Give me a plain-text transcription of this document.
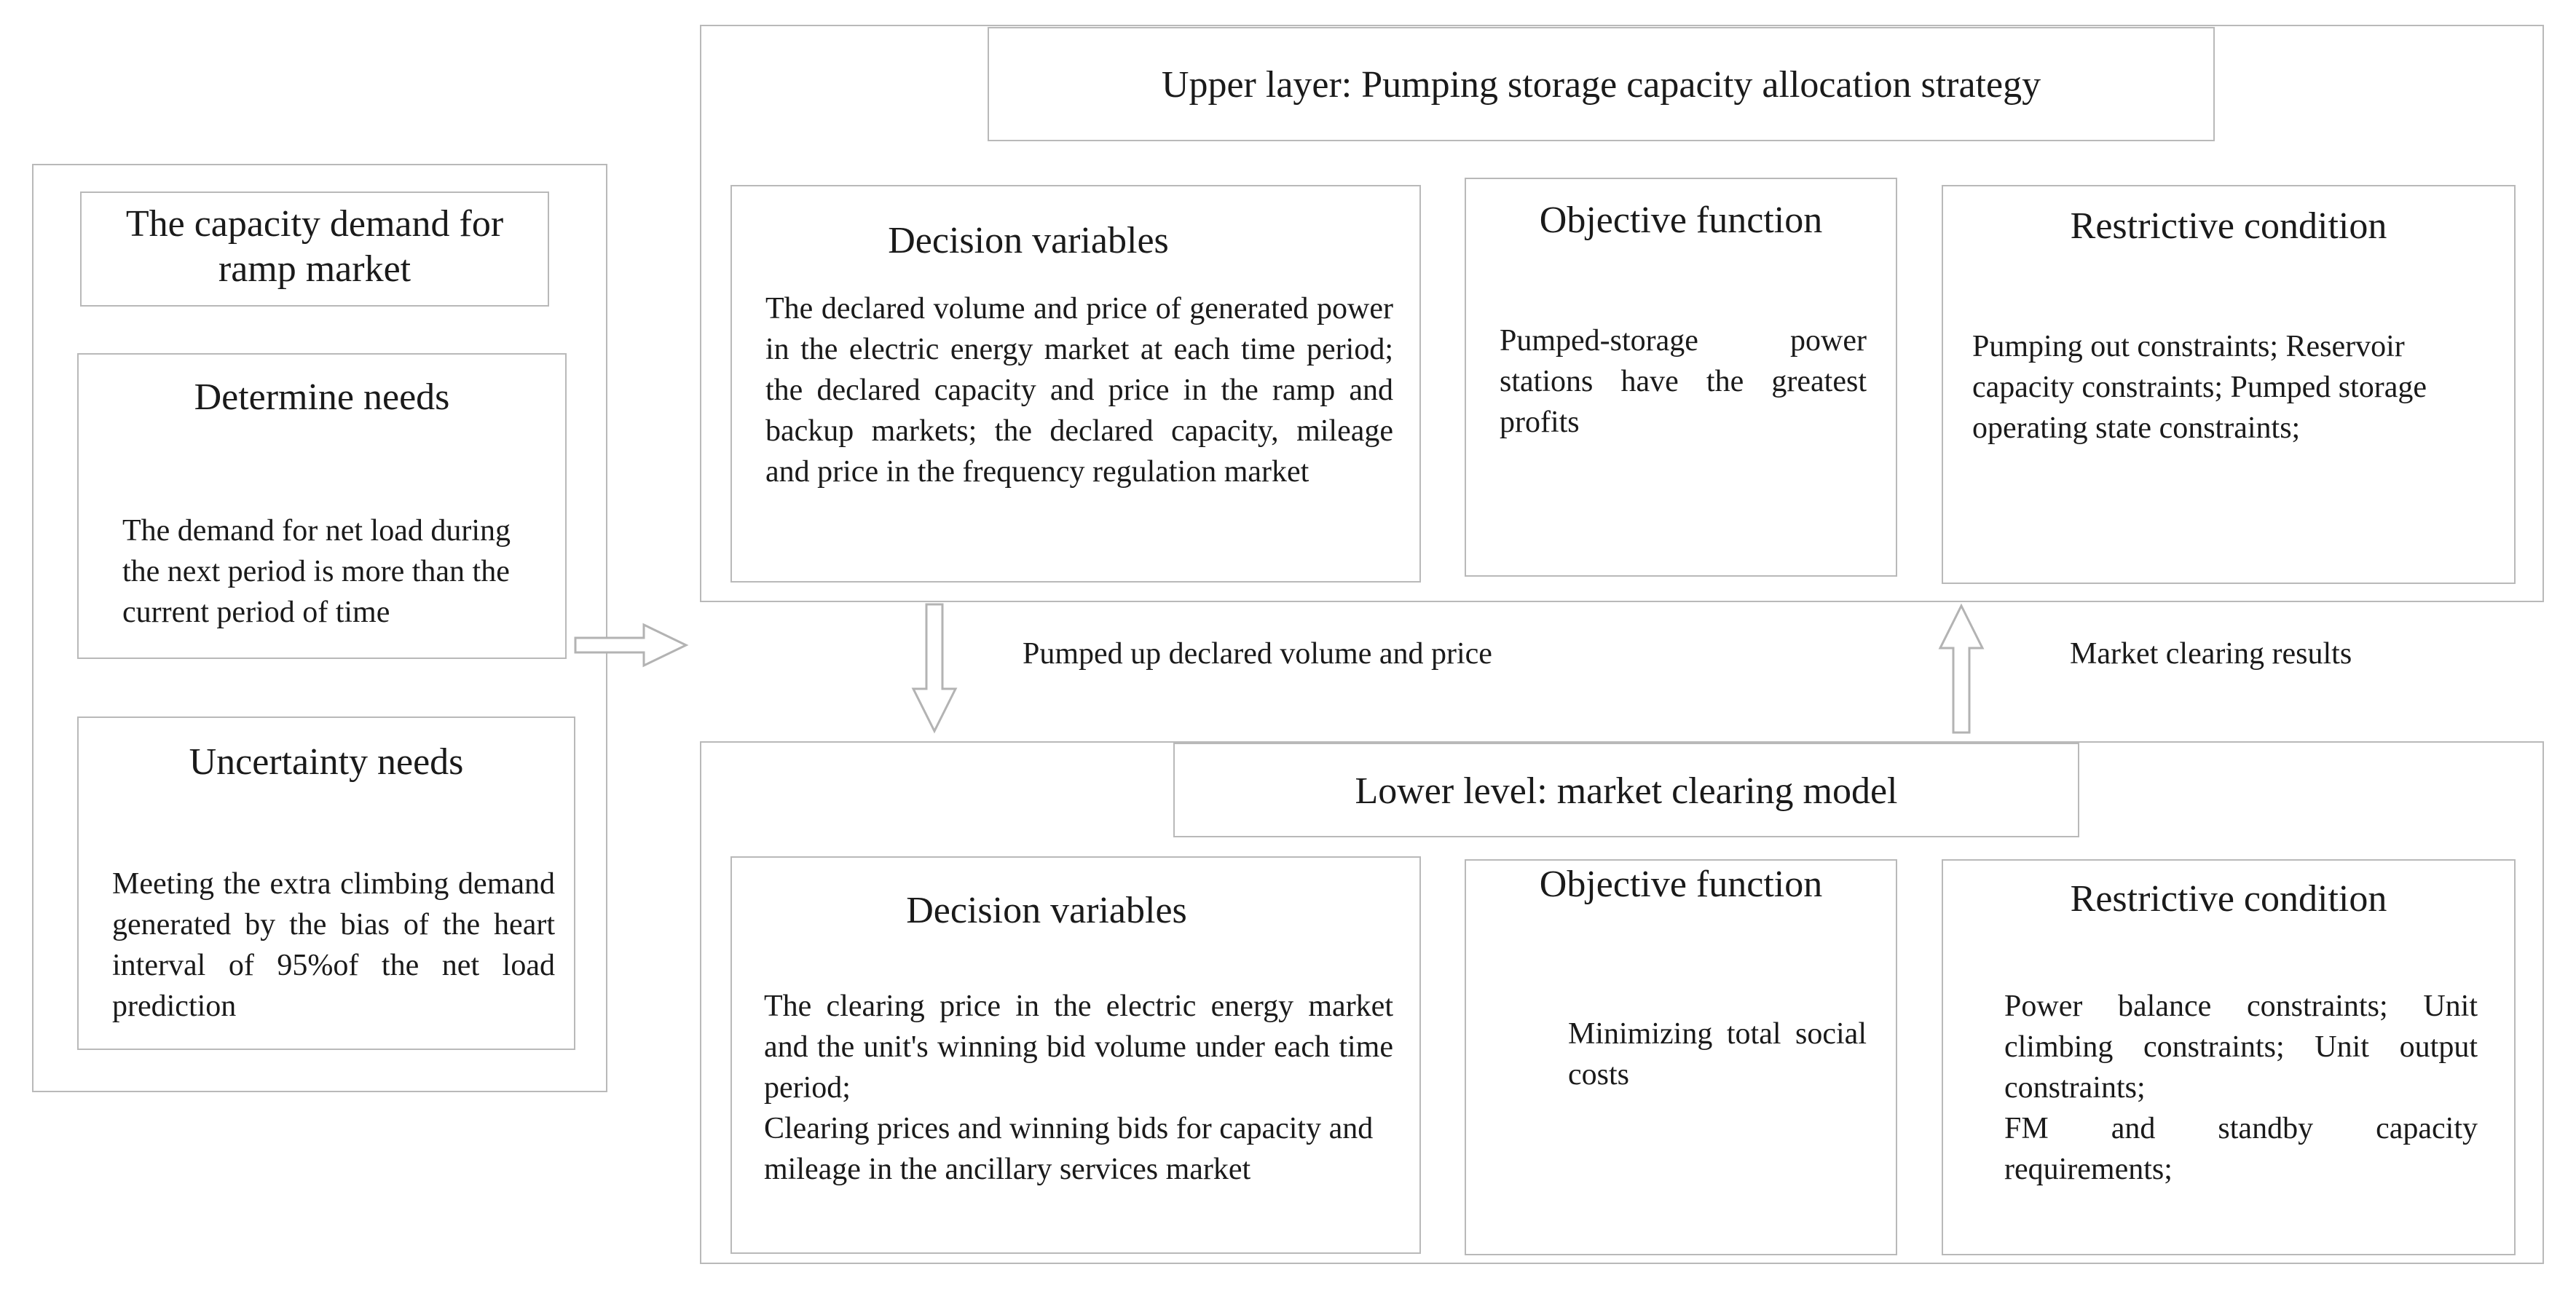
The capacity demand for ramp market
Determine needs
The demand for net load during the next period is more than the current period of time
Uncertainty needs
Meeting the extra climbing demand generated by the bias of the heart interval of 95%of the net load prediction
Upper layer: Pumping storage capacity allocation strategy
Decision variables
The declared volume and price of generated power in the electric energy market at each time period; the declared capacity and price in the ramp and backup markets; the declared capacity, mileage and price in the frequency regulation market
Objective function
Pumped-storage power stations have the greatest profits
Restrictive condition
Pumping out constraints; Reservoir capacity constraints; Pumped storage operating state constraints;
Pumped up declared volume and price	Market clearing results
Lower level: market clearing model
Decision variables

The clearing price in the electric energy market and the unit's winning bid volume under each time period;

Clearing prices and winning bids for capacity and mileage in the ancillary services market

Objective function
Minimizing total social costs
Restrictive condition

Power balance constraints; Unit climbing constraints; Unit output constraints;

FM and standby capacity requirements;
